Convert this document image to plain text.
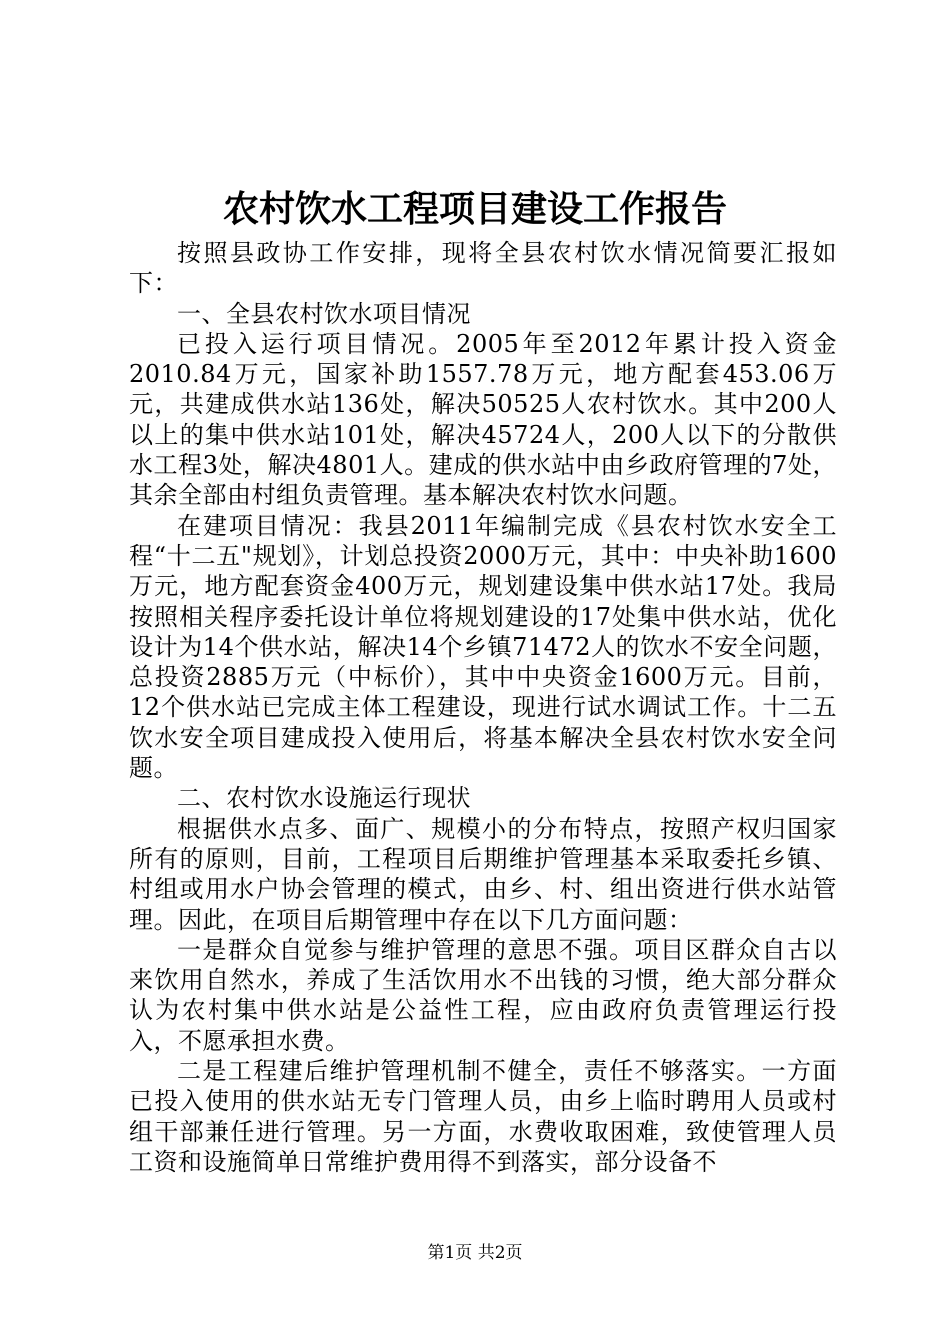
农村饮水工程项目建设工作报告

按照县政协工作安排，现将全县农村饮水情况简要汇报如下：

一、全县农村饮水项目情况

已投入运行项目情况。2005年至2012年累计投入资金2010.84万元，国家补助1557.78万元，地方配套453.06万元，共建成供水站136处，解决50525人农村饮水。其中200人以上的集中供水站101处，解决45724人，200人以下的分散供水工程3处，解决4801人。建成的供水站中由乡政府管理的7处，其余全部由村组负责管理。基本解决农村饮水问题。

在建项目情况：我县2011年编制完成《县农村饮水安全工程“十二五"规划》，计划总投资2000万元，其中：中央补助1600万元，地方配套资金400万元，规划建设集中供水站17处。我局按照相关程序委托设计单位将规划建设的17处集中供水站，优化设计为14个供水站，解决14个乡镇71472人的饮水不安全问题，总投资2885万元（中标价），其中中央资金1600万元。目前，12个供水站已完成主体工程建设，现进行试水调试工作。十二五饮水安全项目建成投入使用后，将基本解决全县农村饮水安全问题。

二、农村饮水设施运行现状

根据供水点多、面广、规模小的分布特点，按照产权归国家所有的原则，目前，工程项目后期维护管理基本采取委托乡镇、村组或用水户协会管理的模式，由乡、村、组出资进行供水站管理。因此，在项目后期管理中存在以下几方面问题：

一是群众自觉参与维护管理的意思不强。项目区群众自古以来饮用自然水，养成了生活饮用水不出钱的习惯，绝大部分群众认为农村集中供水站是公益性工程，应由政府负责管理运行投入，不愿承担水费。

二是工程建后维护管理机制不健全，责任不够落实。一方面已投入使用的供水站无专门管理人员，由乡上临时聘用人员或村组干部兼任进行管理。另一方面，水费收取困难，致使管理人员工资和设施简单日常维护费用得不到落实，部分设备不

第1页 共2页
